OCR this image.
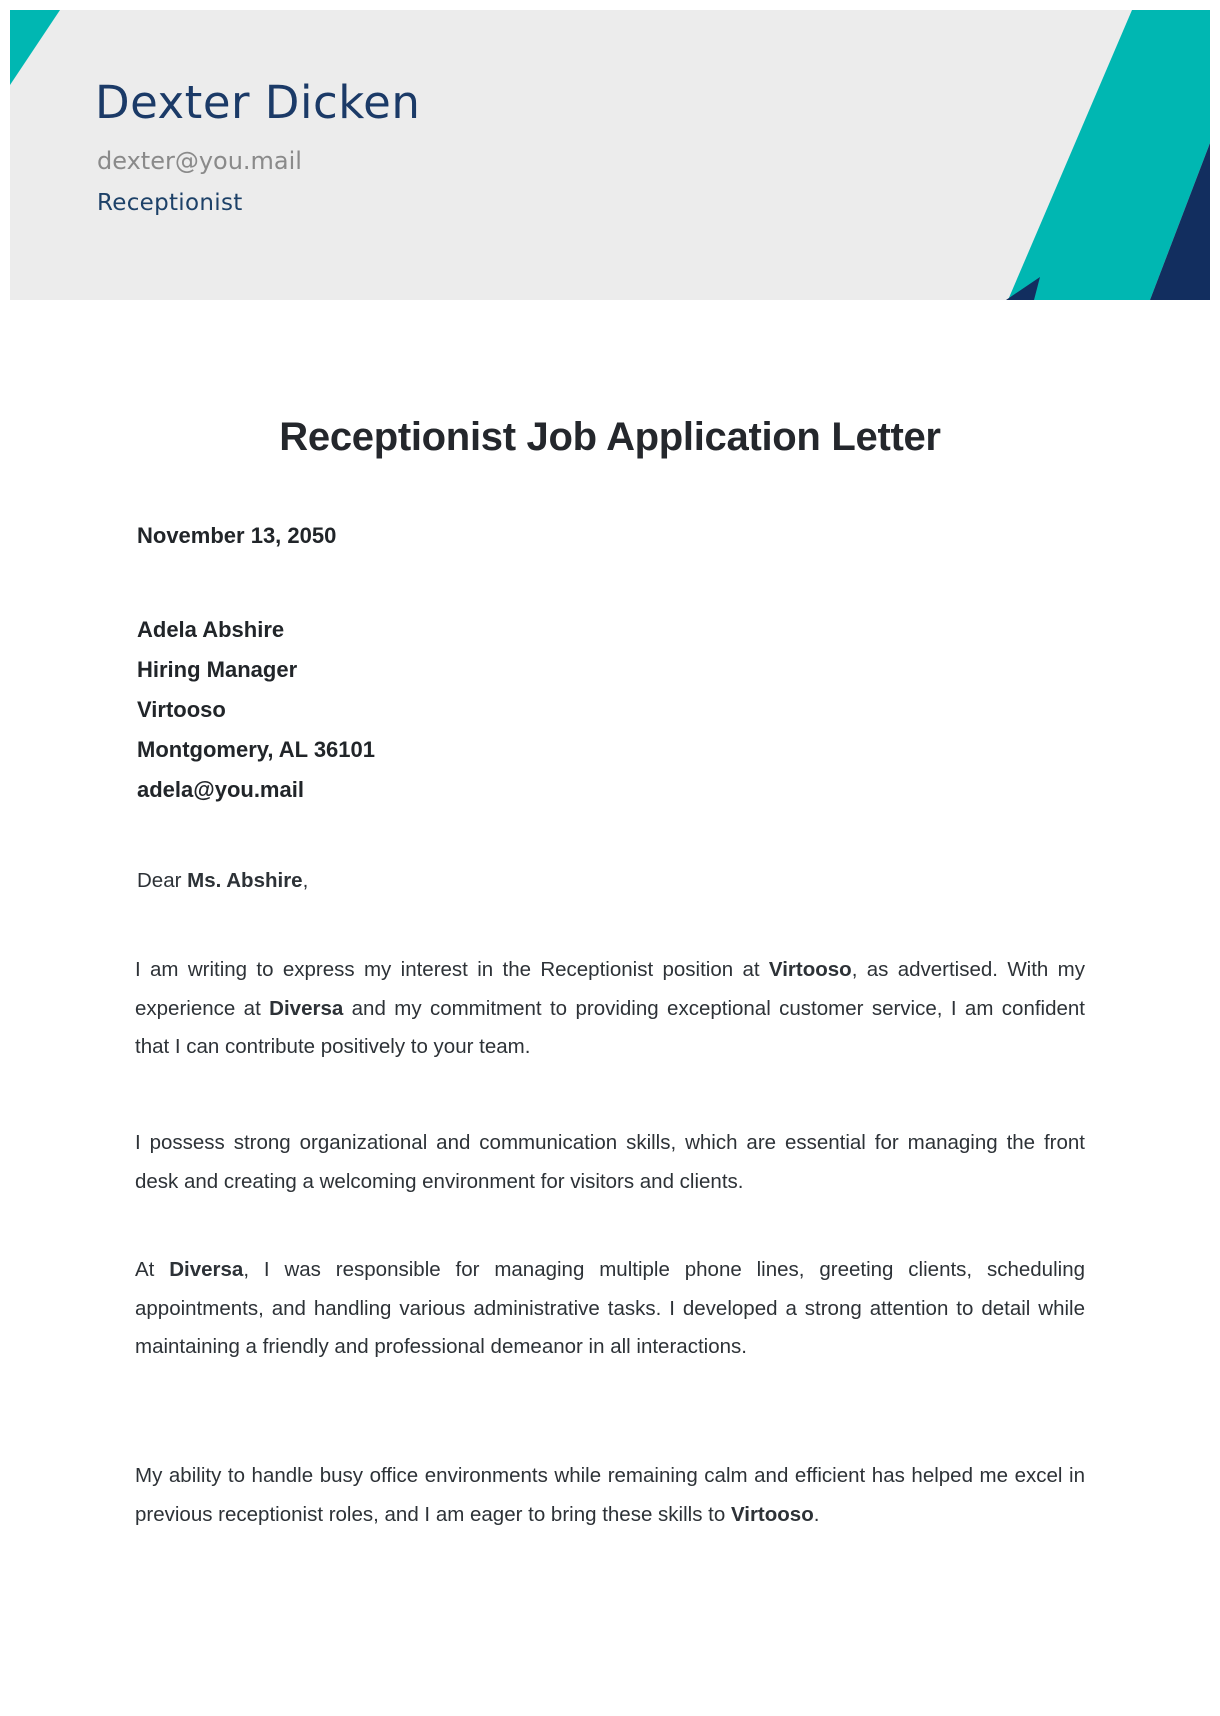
Dexter Dicken
dexter@you.mail
Receptionist
Receptionist Job Application Letter
November 13, 2050
Adela Abshire
Hiring Manager
Virtooso
Montgomery, AL 36101
adela@you.mail
Dear Ms. Abshire,
I am writing to express my interest in the Receptionist position at Virtooso, as advertised. With my experience at Diversa and my commitment to providing exceptional customer service, I am confident that I can contribute positively to your team.
I possess strong organizational and communication skills, which are essential for managing the front desk and creating a welcoming environment for visitors and clients.
At Diversa, I was responsible for managing multiple phone lines, greeting clients, scheduling appointments, and handling various administrative tasks. I developed a strong attention to detail while maintaining a friendly and professional demeanor in all interactions.
My ability to handle busy office environments while remaining calm and efficient has helped me excel in previous receptionist roles, and I am eager to bring these skills to Virtooso.
